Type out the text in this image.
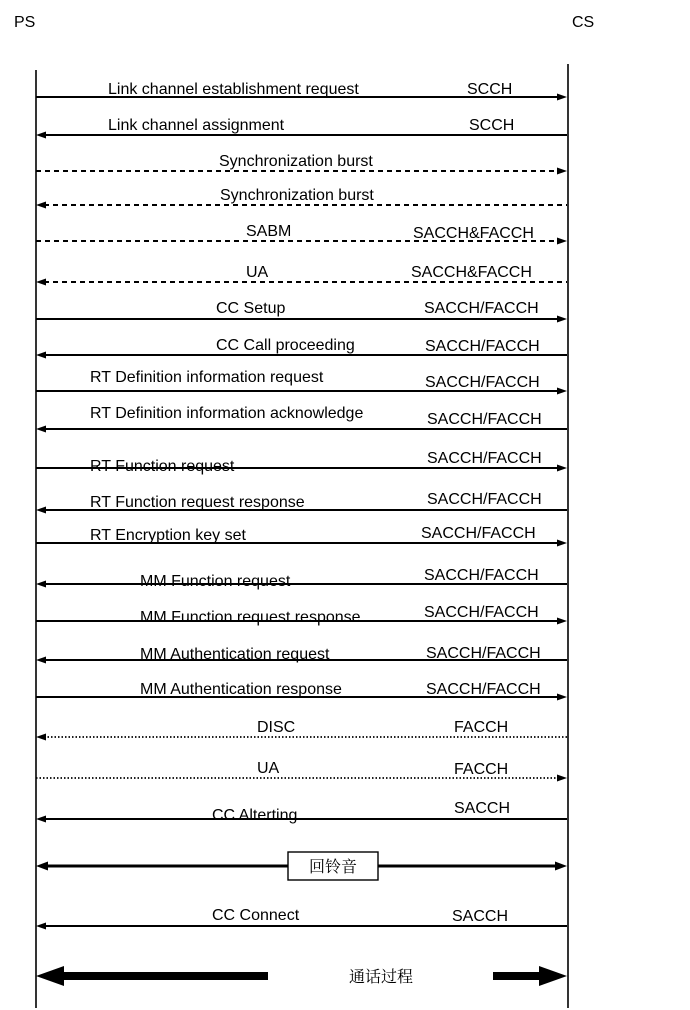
PS	CS
Link channel establishment request	SCCH
Link channel assignment	SCCH
Synchronization burst
Synchronization burst
SABM	SACCH&FACCH
UA	SACCH&FACCH
CC Setup	SACCH/FACCH
CC Call proceeding	SACCH/FACCH
RT Definition information request	SACCH/FACCH
RT Definition information acknowledge	SACCH/FACCH
RT Function request	SACCH/FACCH
RT Function request response	SACCH/FACCH
RT Encryption key set	SACCH/FACCH
MM Function request	SACCH/FACCH
MM Function request response	SACCH/FACCH
MM Authentication request	SACCH/FACCH
MM Authentication response	SACCH/FACCH
DISC	FACCH
UA	FACCH
CC Alterting	SACCH
回铃音
CC Connect	SACCH
通话过程
